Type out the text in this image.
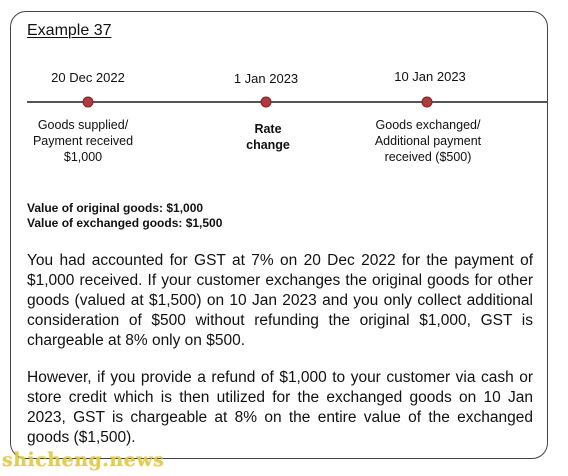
Example 37
20 Dec 2022	1 Jan 2023	10 Jan 2023
Goods supplied/
Payment received
$1,000
Rate
change
Goods exchanged/
Additional payment
received ($500)
Value of original goods: $1,000
Value of exchanged goods: $1,500
You had accounted for GST at 7% on 20 Dec 2022 for the payment of $1,000 received. If your customer exchanges the original goods for other goods (valued at $1,500) on 10 Jan 2023 and you only collect additional consideration of $500 without refunding the original $1,000, GST is chargeable at 8% only on $500.
However, if you provide a refund of $1,000 to your customer via cash or store credit which is then utilized for the exchanged goods on 10 Jan 2023, GST is chargeable at 8% on the entire value of the exchanged goods ($1,500).
shicheng.news
